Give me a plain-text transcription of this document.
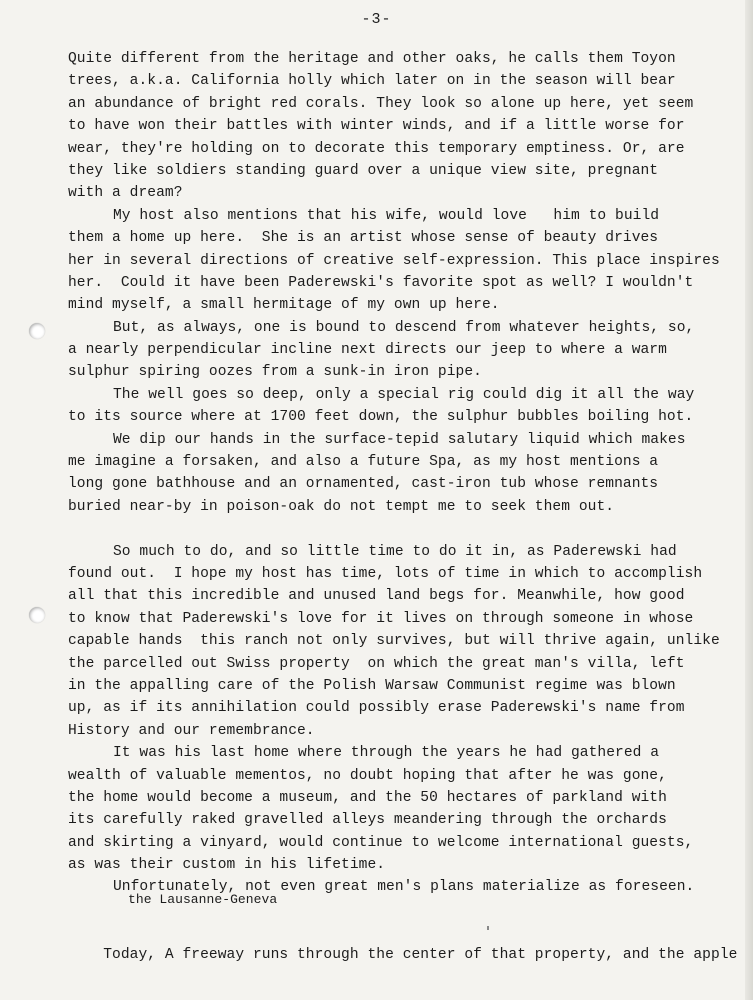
-3-
Quite different from the heritage and other oaks, he calls them Toyon
trees, a.k.a. California holly which later on in the season will bear
an abundance of bright red corals. They look so alone up here, yet seem
to have won their battles with winter winds, and if a little worse for
wear, they're holding on to decorate this temporary emptiness. Or, are
they like soldiers standing guard over a unique view site, pregnant
with a dream?
My host also mentions that his wife, would love   him to build
them a home up here.  She is an artist whose sense of beauty drives
her in several directions of creative self-expression. This place inspires
her.  Could it have been Paderewski's favorite spot as well? I wouldn't
mind myself, a small hermitage of my own up here.
But, as always, one is bound to descend from whatever heights, so,
a nearly perpendicular incline next directs our jeep to where a warm
sulphur spiring oozes from a sunk-in iron pipe.
The well goes so deep, only a special rig could dig it all the way
to its source where at 1700 feet down, the sulphur bubbles boiling hot.
We dip our hands in the surface-tepid salutary liquid which makes
me imagine a forsaken, and also a future Spa, as my host mentions a
long gone bathhouse and an ornamented, cast-iron tub whose remnants
buried near-by in poison-oak do not tempt me to seek them out.
So much to do, and so little time to do it in, as Paderewski had
found out.  I hope my host has time, lots of time in which to accomplish
all that this incredible and unused land begs for. Meanwhile, how good
to know that Paderewski's love for it lives on through someone in whose
capable hands  this ranch not only survives, but will thrive again, unlike
the parcelled out Swiss property  on which the great man's villa, left
in the appalling care of the Polish Warsaw Communist regime was blown
up, as if its annihilation could possibly erase Paderewski's name from
History and our remembrance.
It was his last home where through the years he had gathered a
wealth of valuable mementos, no doubt hoping that after he was gone,
the home would become a museum, and the 50 hectares of parkland with
its carefully raked gravelled alleys meandering through the orchards
and skirting a vinyard, would continue to welcome international guests,
as was their custom in his lifetime.
Unfortunately, not even great men's plans materialize as foreseen.

the Lausanne-Geneva

Today, A freeway runs through the center of that property, and the apple
